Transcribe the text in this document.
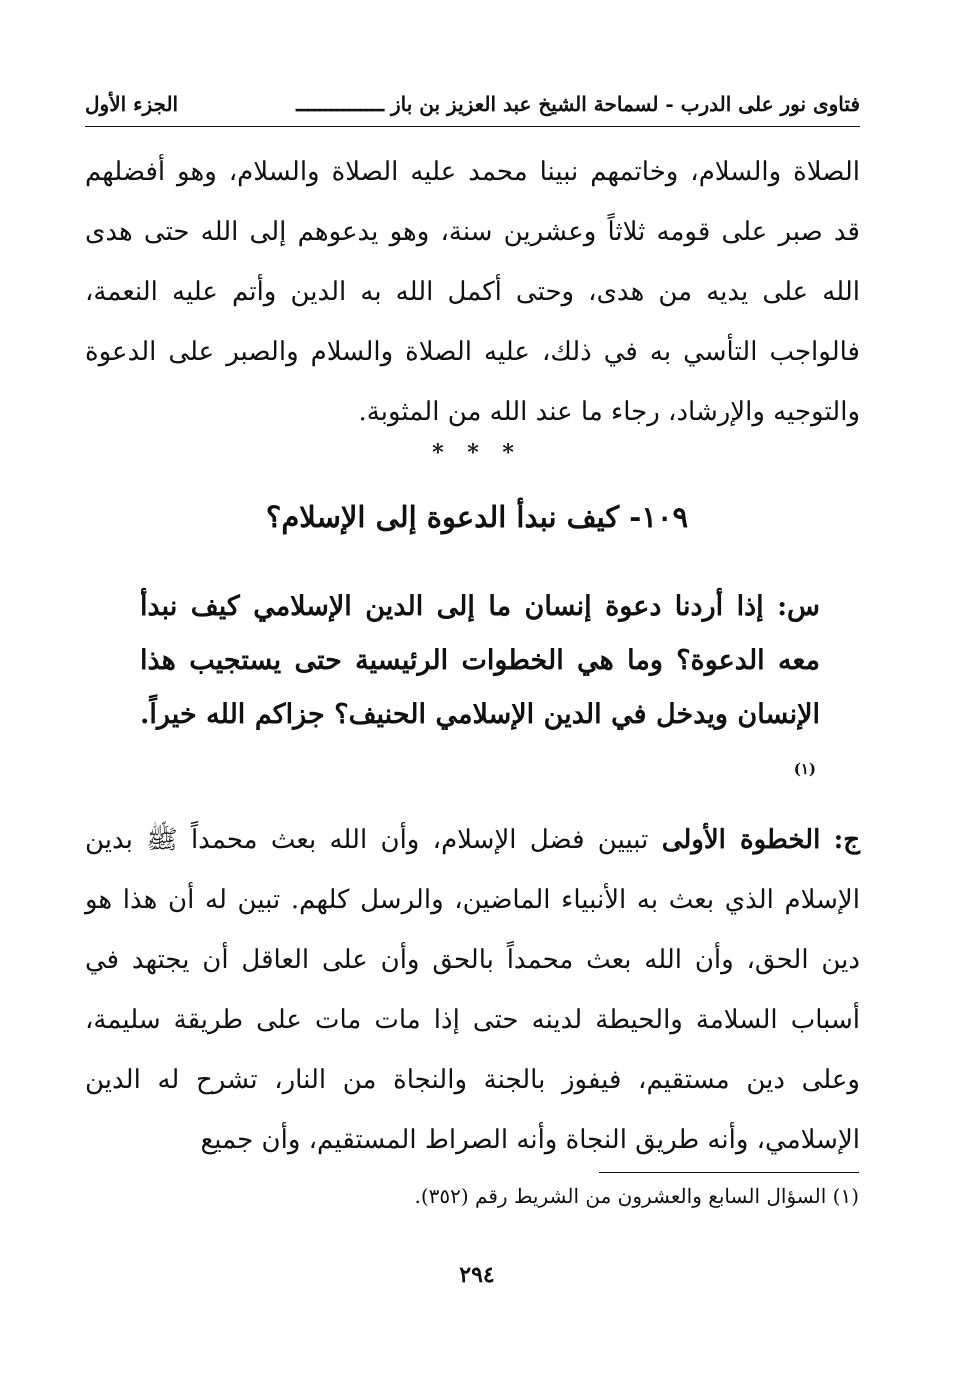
فتاوى نور على الدرب - لسماحة الشيخ عبد العزيز بن باز ـــــــــــــــ
الجزء الأول

الصلاة والسلام، وخاتمهم نبينا محمد عليه الصلاة والسلام، وهو أفضلهم قد صبر على قومه ثلاثاً وعشرين سنة، وهو يدعوهم إلى الله حتى هدى الله على يديه من هدى، وحتى أكمل الله به الدين وأتم عليه النعمة، فالواجب التأسي به في ذلك، عليه الصلاة والسلام والصبر على الدعوة والتوجيه والإرشاد، رجاء ما عند الله من المثوبة.

* * *
١٠٩- كيف نبدأ الدعوة إلى الإسلام؟

س: إذا أردنا دعوة إنسان ما إلى الدين الإسلامي كيف نبدأ معه الدعوة؟ وما هي الخطوات الرئيسية حتى يستجيب هذا الإنسان ويدخل في الدين الإسلامي الحنيف؟ جزاكم الله خيراً. $^{(١)}$

ج: الخطوة الأولى تبيين فضل الإسلام، وأن الله بعث محمداً ﷺ بدين الإسلام الذي بعث به الأنبياء الماضين، والرسل كلهم. تبين له أن هذا هو دين الحق، وأن الله بعث محمداً بالحق وأن على العاقل أن يجتهد في أسباب السلامة والحيطة لدينه حتى إذا مات مات على طريقة سليمة، وعلى دين مستقيم، فيفوز بالجنة والنجاة من النار، تشرح له الدين الإسلامي، وأنه طريق النجاة وأنه الصراط المستقيم، وأن جميع

(١) السؤال السابع والعشرون من الشريط رقم (٣٥٢).
٢٩٤
